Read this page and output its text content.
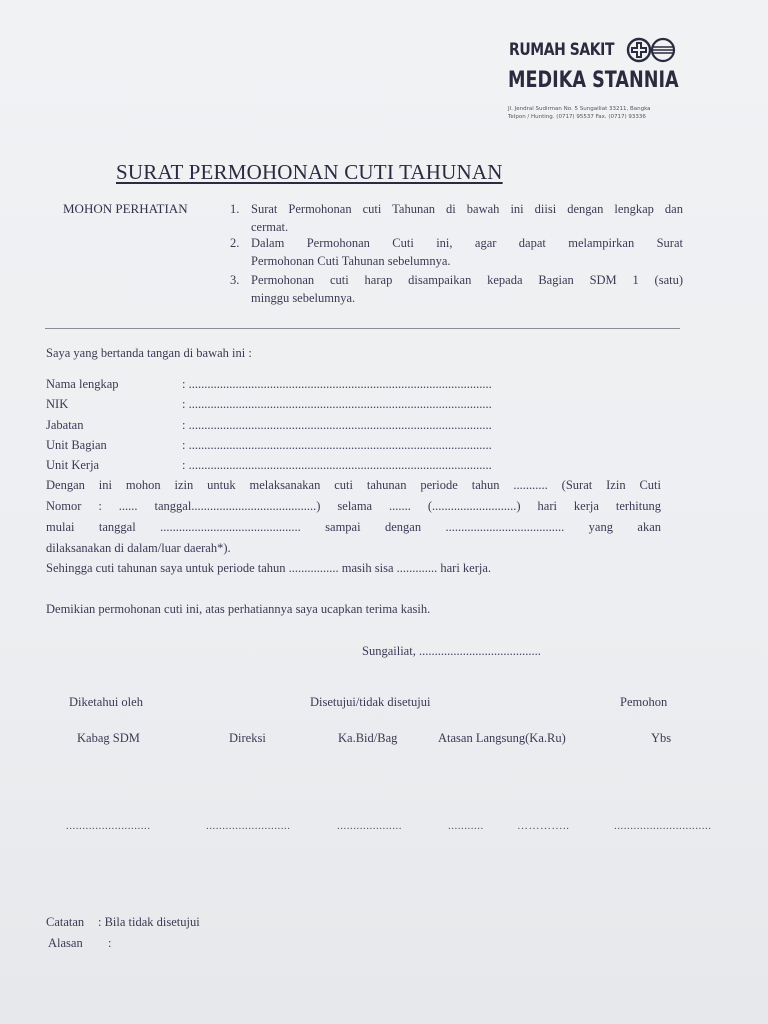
RUMAH SAKIT
MEDIKA STANNIA
Jl. Jendral Sudirman No. 5 Sungailiat 33211, Bangka
Telpon / Hunting. (0717) 95537 Fax. (0717) 93336
SURAT PERMOHONAN CUTI TAHUNAN
MOHON PERHATIAN	1. Surat Permohonan cuti Tahunan di bawah ini diisi dengan lengkap dan
cermat.
2. Dalam Permohonan Cuti ini, agar dapat melampirkan Surat
Permohonan Cuti Tahunan sebelumnya.
3. Permohonan cuti harap disampaikan kepada Bagian SDM 1 (satu)
minggu sebelumnya.
Saya yang bertanda tangan di bawah ini :
Nama lengkap	: .................................................................................................
NIK	: .................................................................................................
Jabatan	: .................................................................................................
Unit Bagian	: .................................................................................................
Unit Kerja	: .................................................................................................
Dengan ini mohon izin untuk melaksanakan cuti tahunan periode tahun ........... (Surat Izin Cuti
Nomor : ...... tanggal........................................) selama ....... (...........................) hari kerja terhitung
mulai tanggal ............................................. sampai dengan ...................................... yang akan
dilaksanakan di dalam/luar daerah*).
Sehingga cuti tahunan saya untuk periode tahun ................ masih sisa ............. hari kerja.
Demikian permohonan cuti ini, atas perhatiannya saya ucapkan terima kasih.
Sungailiat, .......................................
Diketahui oleh	Disetujui/tidak disetujui	Pemohon
Kabag SDM	Direksi	Ka.Bid/Bag	Atasan Langsung(Ka.Ru)	Ybs
..........................	..........................	....................	...........	…………..	..............................
Catatan : Bila tidak disetujui
Alasan :
